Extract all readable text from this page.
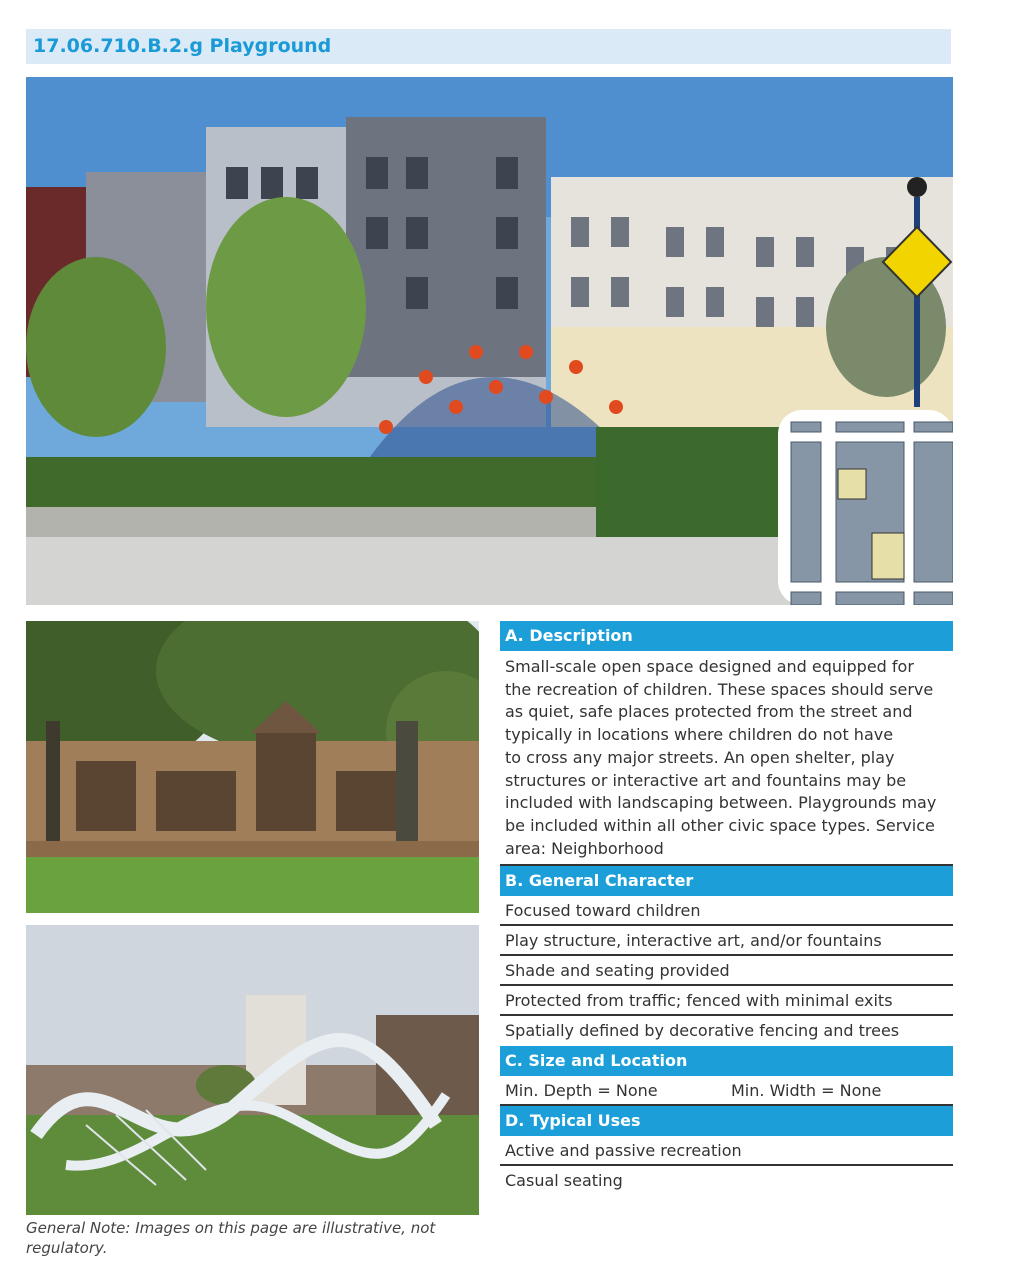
17.06.710.B.2.g Playground
General Note: Images on this page are illustrative, not regulatory.
A. Description
Small-scale open space designed and equipped for
the recreation of children. These spaces should serve
as quiet, safe places protected from the street and
typically in locations where children do not have
to cross any major streets. An open shelter, play
structures or interactive art and fountains may be
included with landscaping between. Playgrounds may
be included within all other civic space types. Service
area: Neighborhood
B. General Character
Focused toward children
Play structure, interactive art, and/or fountains
Shade and seating provided
Protected from traffic; fenced with minimal exits
Spatially defined by decorative fencing and trees
C. Size and Location
Min. Depth = None	Min. Width = None
D. Typical Uses
Active and passive recreation
Casual seating
